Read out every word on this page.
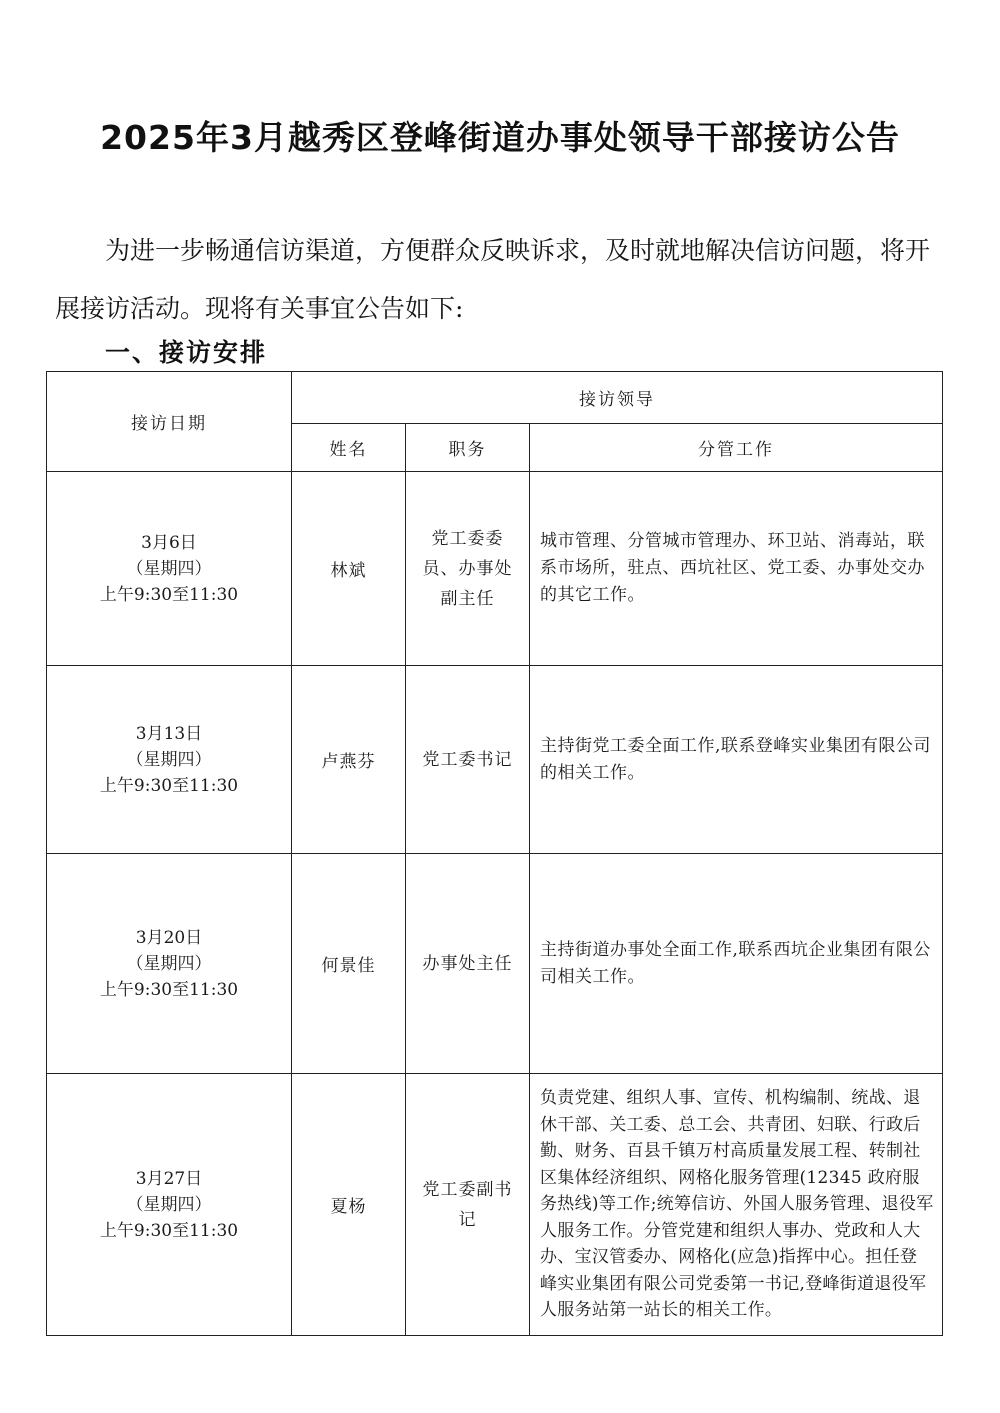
2025年3月越秀区登峰街道办事处领导干部接访公告
为进一步畅通信访渠道，方便群众反映诉求，及时就地解决信访问题，将开展接访活动。现将有关事宜公告如下:
一、接访安排
接访日期	接访领导		
	姓名	职务	分管工作

3月6日
（星期四）
上午9:30至11:30	林斌	党工委委员、办事处副主任	城市管理、分管城市管理办、环卫站、消毒站，联系市场所，驻点、西坑社区、党工委、办事处交办的其它工作。

3月13日
（星期四）
上午9:30至11:30	卢燕芬	党工委书记	主持街党工委全面工作,联系登峰实业集团有限公司的相关工作。

3月20日
（星期四）
上午9:30至11:30	何景佳	办事处主任	主持街道办事处全面工作,联系西坑企业集团有限公司相关工作。

3月27日
（星期四）
上午9:30至11:30	夏杨	党工委副书记	负责党建、组织人事、宣传、机构编制、统战、退休干部、关工委、总工会、共青团、妇联、行政后勤、财务、百县千镇万村高质量发展工程、转制社区集体经济组织、网格化服务管理(12345 政府服务热线)等工作;统筹信访、外国人服务管理、退役军人服务工作。分管党建和组织人事办、党政和人大办、宝汉管委办、网格化(应急)指挥中心。担任登峰实业集团有限公司党委第一书记,登峰街道退役军人服务站第一站长的相关工作。
